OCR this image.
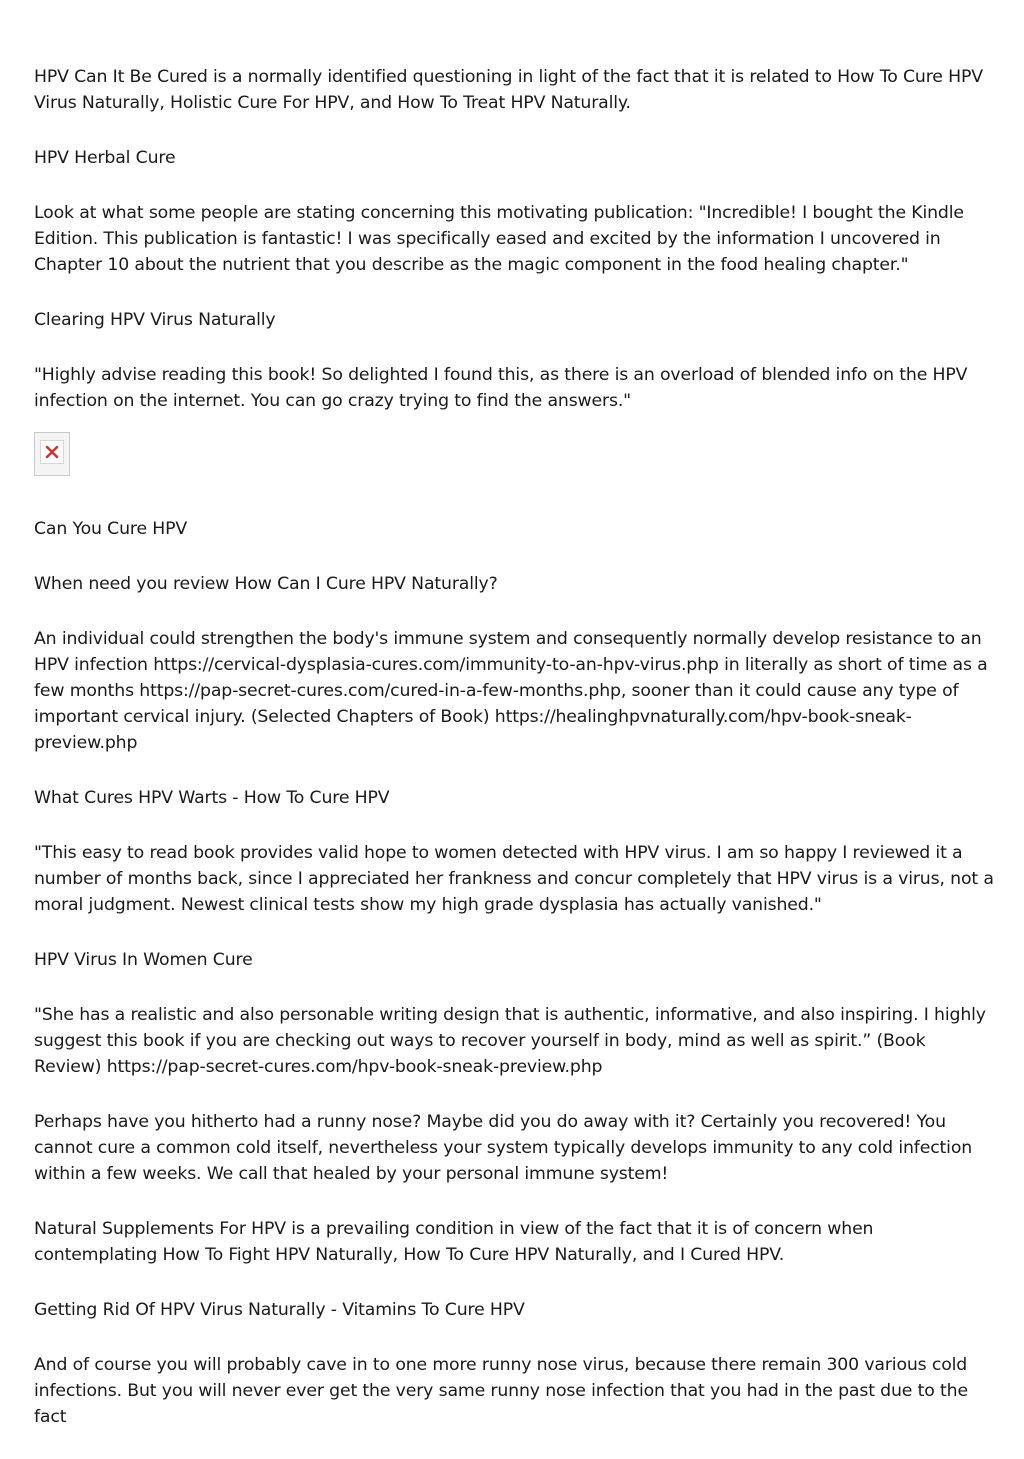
HPV Can It Be Cured is a normally identified questioning in light of the fact that it is related to How To Cure HPV Virus Naturally, Holistic Cure For HPV, and How To Treat HPV Naturally.

HPV Herbal Cure

Look at what some people are stating concerning this motivating publication: "Incredible! I bought the Kindle Edition. This publication is fantastic! I was specifically eased and excited by the information I uncovered in Chapter 10 about the nutrient that you describe as the magic component in the food healing chapter."

Clearing HPV Virus Naturally

"Highly advise reading this book! So delighted I found this, as there is an overload of blended info on the HPV infection on the internet. You can go crazy trying to find the answers."

Can You Cure HPV

When need you review How Can I Cure HPV Naturally?

An individual could strengthen the body's immune system and consequently normally develop resistance to an HPV infection https://cervical-dysplasia-cures.com/immunity-to-an-hpv-virus.php in literally as short of time as a few months https://pap-secret-cures.com/cured-in-a-few-months.php, sooner than it could cause any type of important cervical injury. (Selected Chapters of Book) https://healinghpvnaturally.com/hpv-book-sneak-preview.php

What Cures HPV Warts - How To Cure HPV

"This easy to read book provides valid hope to women detected with HPV virus. I am so happy I reviewed it a number of months back, since I appreciated her frankness and concur completely that HPV virus is a virus, not a moral judgment. Newest clinical tests show my high grade dysplasia has actually vanished."

HPV Virus In Women Cure

"She has a realistic and also personable writing design that is authentic, informative, and also inspiring. I highly suggest this book if you are checking out ways to recover yourself in body, mind as well as spirit.” (Book Review) https://pap-secret-cures.com/hpv-book-sneak-preview.php

Perhaps have you hitherto had a runny nose? Maybe did you do away with it? Certainly you recovered! You cannot cure a common cold itself, nevertheless your system typically develops immunity to any cold infection within a few weeks. We call that healed by your personal immune system!

Natural Supplements For HPV is a prevailing condition in view of the fact that it is of concern when contemplating How To Fight HPV Naturally, How To Cure HPV Naturally, and I Cured HPV.

Getting Rid Of HPV Virus Naturally - Vitamins To Cure HPV

And of course you will probably cave in to one more runny nose virus, because there remain 300 various cold infections. But you will never ever get the very same runny nose infection that you had in the past due to the fact
